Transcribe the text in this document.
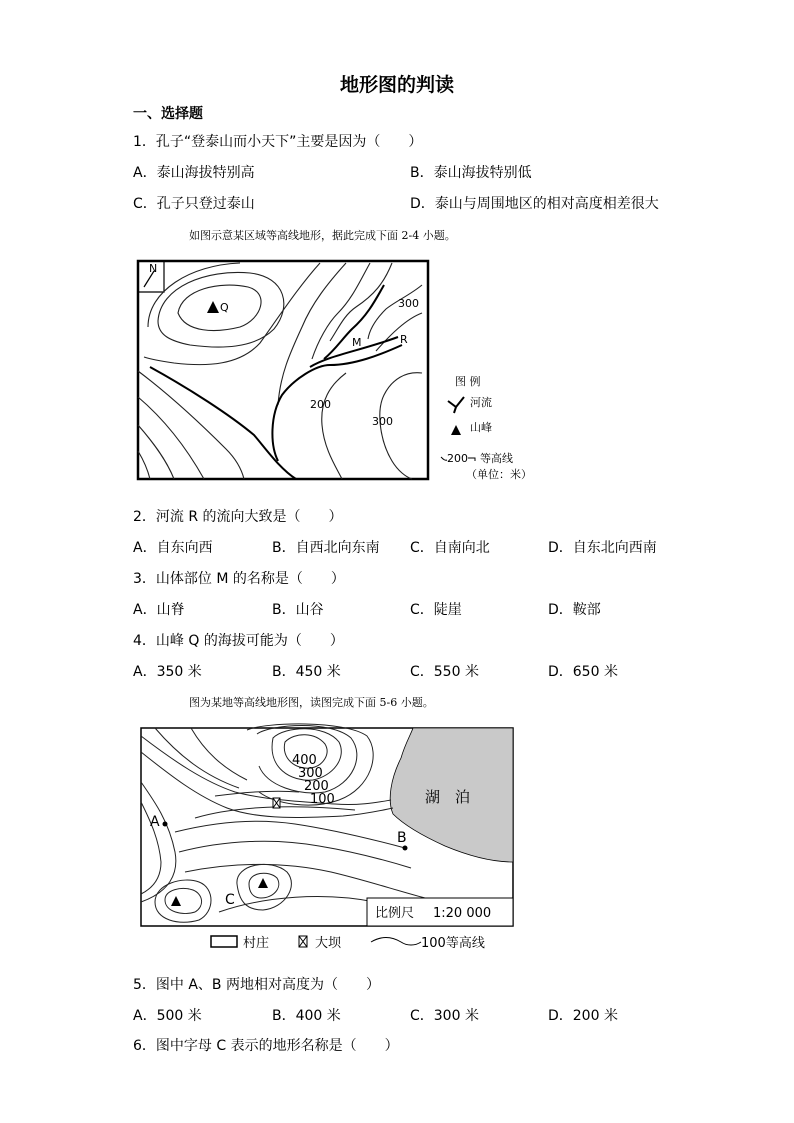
地形图的判读
一、选择题
1．孔子“登泰山而小天下”主要是因为（　　）
A．泰山海拔特别高	B．泰山海拔特别低
C．孔子只登过泰山	D．泰山与周围地区的相对高度相差很大
如图示意某区域等高线地形，据此完成下面 2-4 小题。
N
Q
M	R
300
200
300
图 例
河流
山峰
200 等高线
（单位：米）
2．河流 R 的流向大致是（　　）
A．自东向西	B．自西北向东南 C．自南向北	D．自东北向西南
3．山体部位 M 的名称是（　　）
A．山脊	B．山谷	C．陡崖	D．鞍部
4．山峰 Q 的海拔可能为（　　）
A．350 米	B．450 米	C．550 米	D．650 米
图为某地等高线地形图，读图完成下面 5-6 小题。
湖　泊
400
300
200
100
A
B
C
比例尺 1:20 000
村庄	大坝	100等高线
5．图中 A、B 两地相对高度为（　　）
A．500 米	B．400 米	C．300 米	D．200 米
6．图中字母 C 表示的地形名称是（　　）
